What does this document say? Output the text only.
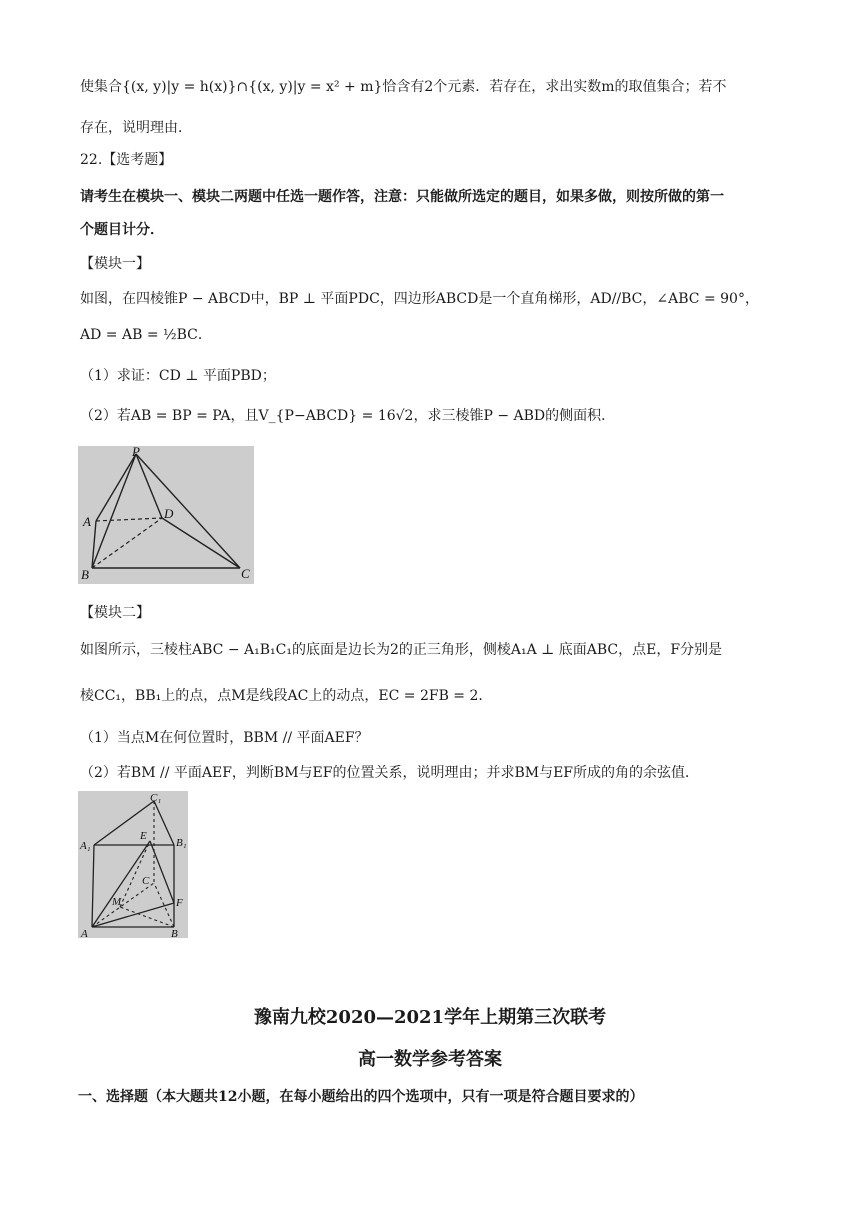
使集合{(x, y)|y = h(x)}∩{(x, y)|y = x² + m}恰含有2个元素．若存在，求出实数m的取值集合；若不
存在，说明理由．
22.【选考题】
请考生在模块一、模块二两题中任选一题作答，注意：只能做所选定的题目，如果多做，则按所做的第一
个题目计分．
【模块一】
如图，在四棱锥P − ABCD中，BP ⊥ 平面PDC，四边形ABCD是一个直角梯形，AD//BC，∠ABC = 90°，
AD = AB = ½BC．
（1）求证：CD ⊥ 平面PBD；
（2）若AB = BP = PA，且V_{P−ABCD} = 16√2，求三棱锥P − ABD的侧面积．
P
A
D
B	C
【模块二】
如图所示，三棱柱ABC − A₁B₁C₁的底面是边长为2的正三角形，侧棱A₁A ⊥ 底面ABC，点E，F分别是
棱CC₁，BB₁上的点，点M是线段AC上的动点，EC = 2FB = 2．
（1）当点M在何位置时，BBM // 平面AEF？
（2）若BM // 平面AEF，判断BM与EF的位置关系，说明理由；并求BM与EF所成的角的余弦值．
C₁
E
A₁	B₁
C
M	F
A	B
豫南九校2020—2021学年上期第三次联考
高一数学参考答案
一、选择题（本大题共12小题，在每小题给出的四个选项中，只有一项是符合题目要求的）
